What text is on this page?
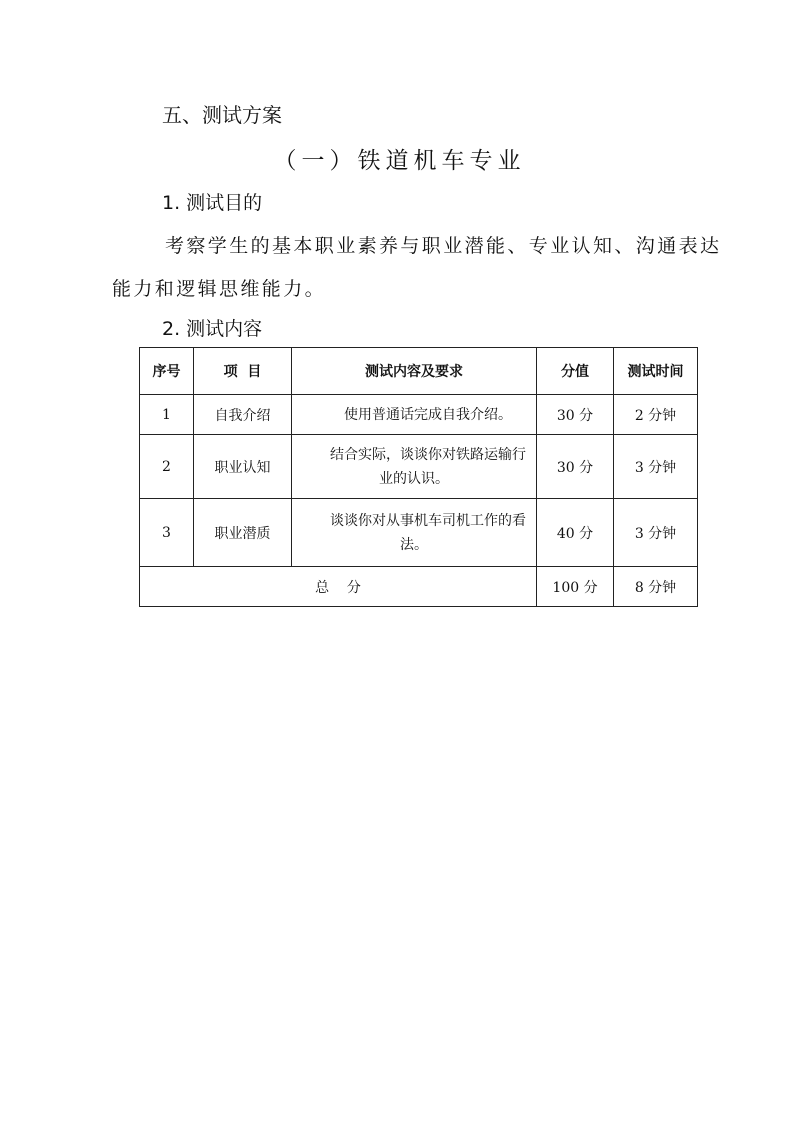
五、测试方案
（一）铁道机车专业
1. 测试目的
考察学生的基本职业素养与职业潜能、专业认知、沟通表达
能力和逻辑思维能力。
2. 测试内容
序号	项  目	测试内容及要求	分值	测试时间
1	自我介绍	使用普通话完成自我介绍。	30 分	2 分钟
2	职业认知	结合实际，谈谈你对铁路运输行业的认识。	30 分	3 分钟
3	职业潜质	谈谈你对从事机车司机工作的看法。	40 分	3 分钟
总    分			100 分	8 分钟
